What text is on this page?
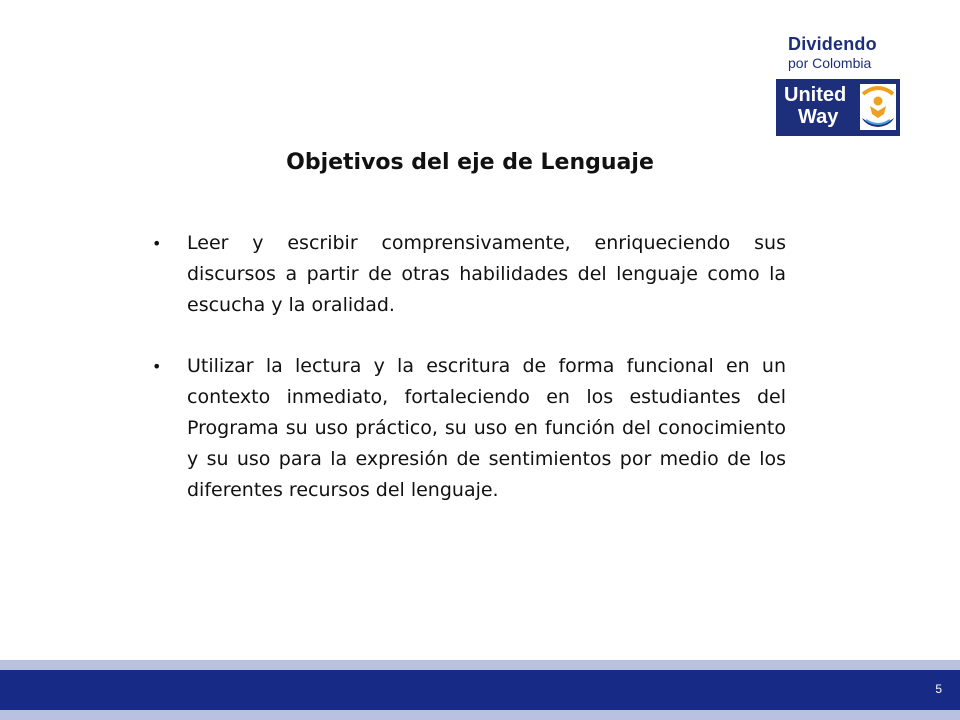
Dividendo
por Colombia
United
Way
Objetivos del eje de Lenguaje
• Leer y escribir comprensivamente, enriqueciendo sus discursos a partir de otras habilidades del lenguaje como la escucha y la oralidad.
• Utilizar la lectura y la escritura de forma funcional en un contexto inmediato, fortaleciendo en los estudiantes del Programa su uso práctico, su uso en función del conocimiento y su uso para la expresión de sentimientos por medio de los diferentes recursos del lenguaje.
5
